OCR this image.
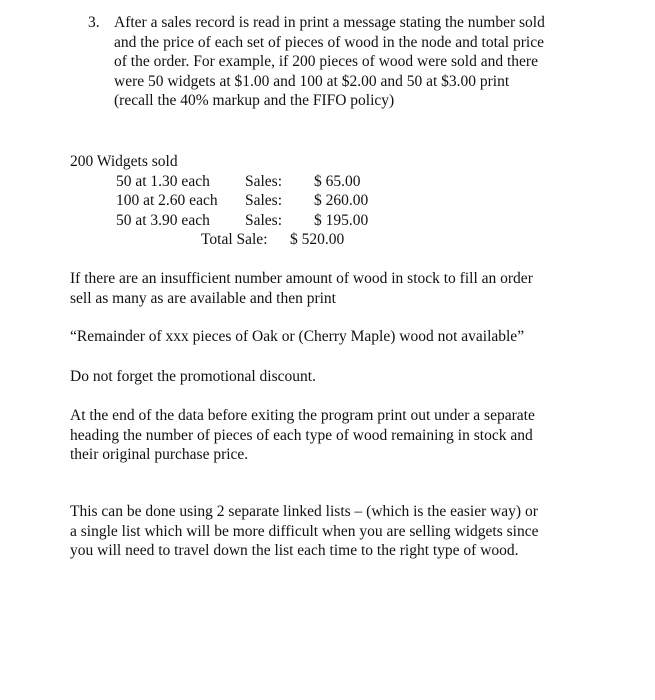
3. After a sales record is read in print a message stating the number sold
and the price of each set of pieces of wood in the node and total price
of the order. For example, if 200 pieces of wood were sold and there
were 50 widgets at $1.00 and 100 at $2.00 and 50 at $3.00 print
(recall the 40% markup and the FIFO policy)
200 Widgets sold
50 at 1.30 each Sales: $ 65.00
100 at 2.60 each Sales: $ 260.00
50 at 3.90 each Sales: $ 195.00
Total Sale: $ 520.00
If there are an insufficient number amount of wood in stock to fill an order
sell as many as are available and then print
“Remainder of xxx pieces of Oak or (Cherry Maple) wood not available”
Do not forget the promotional discount.
At the end of the data before exiting the program print out under a separate
heading the number of pieces of each type of wood remaining in stock and
their original purchase price.
This can be done using 2 separate linked lists – (which is the easier way) or
a single list which will be more difficult when you are selling widgets since
you will need to travel down the list each time to the right type of wood.
